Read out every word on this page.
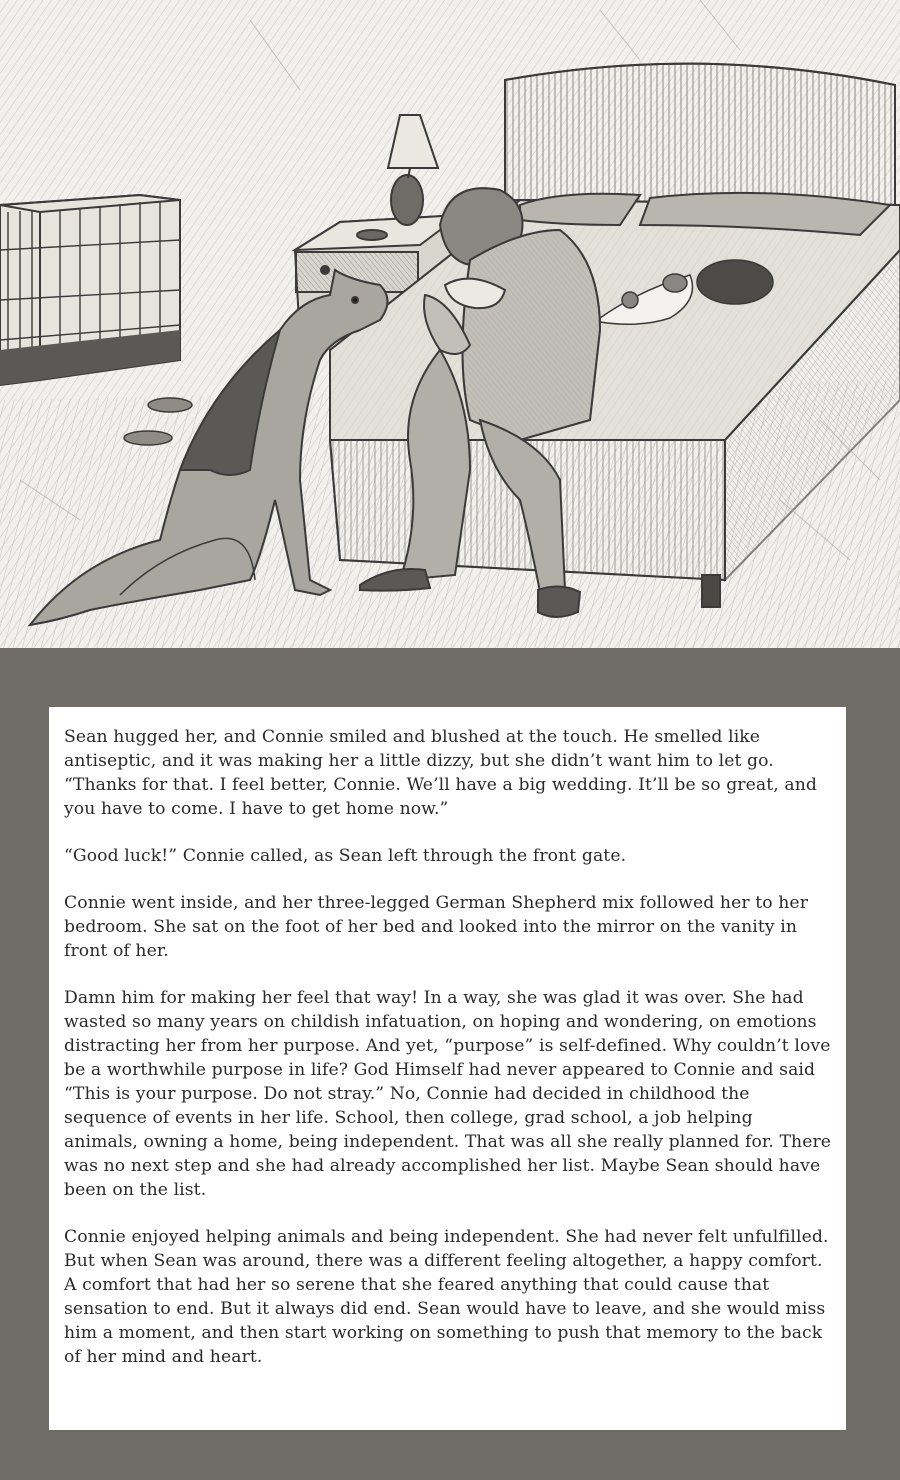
Sean hugged her, and Connie smiled and blushed at the touch. He smelled like antiseptic, and it was making her a little dizzy, but she didn’t want him to let go. “Thanks for that. I feel better, Connie. We’ll have a big wedding. It’ll be so great, and you have to come. I have to get home now.”

“Good luck!” Connie called, as Sean left through the front gate.

Connie went inside, and her three-legged German Shepherd mix followed her to her bedroom. She sat on the foot of her bed and looked into the mirror on the vanity in front of her.

Damn him for making her feel that way! In a way, she was glad it was over. She had wasted so many years on childish infatuation, on hoping and wondering, on emotions distracting her from her purpose. And yet, “purpose” is self-defined. Why couldn’t love be a worthwhile purpose in life? God Himself had never appeared to Connie and said “This is your purpose. Do not stray.” No, Connie had decided in childhood the sequence of events in her life. School, then college, grad school, a job helping animals, owning a home, being independent. That was all she really planned for. There was no next step and she had already accomplished her list. Maybe Sean should have been on the list.

Connie enjoyed helping animals and being independent. She had never felt unfulfilled. But when Sean was around, there was a different feeling altogether, a happy comfort. A comfort that had her so serene that she feared anything that could cause that sensation to end. But it always did end. Sean would have to leave, and she would miss him a moment, and then start working on something to push that memory to the back of her mind and heart.
